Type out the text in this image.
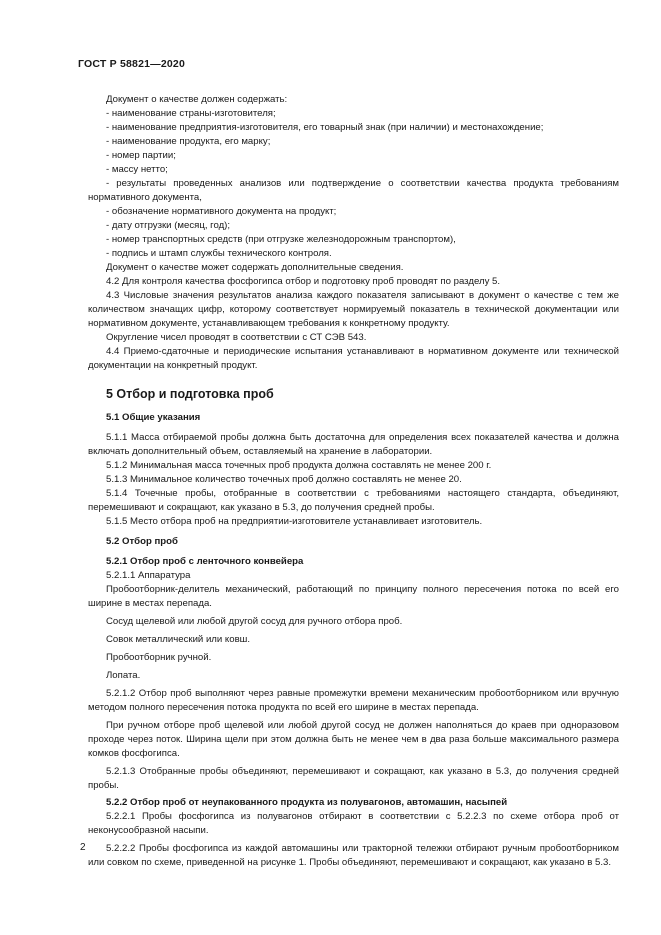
ГОСТ Р 58821—2020

Документ о качестве должен содержать:

- наименование страны-изготовителя;

- наименование предприятия-изготовителя, его товарный знак (при наличии) и местонахождение;

- наименование продукта, его марку;

- номер партии;

- массу нетто;

- результаты проведенных анализов или подтверждение о соответствии качества продукта требованиям нормативного документа,

- обозначение нормативного документа на продукт;

- дату отгрузки (месяц, год);

- номер транспортных средств (при отгрузке железнодорожным транспортом),

- подпись и штамп службы технического контроля.

Документ о качестве может содержать дополнительные сведения.

4.2 Для контроля качества фосфогипса отбор и подготовку проб проводят по разделу 5.

4.3 Числовые значения результатов анализа каждого показателя записывают в документ о качестве с тем же количеством значащих цифр, которому соответствует нормируемый показатель в технической документации или нормативном документе, устанавливающем требования к конкретному продукту.

Округление чисел проводят в соответствии с СТ СЭВ 543.

4.4 Приемо-сдаточные и периодические испытания устанавливают в нормативном документе или технической документации на конкретный продукт.

5 Отбор и подготовка проб
5.1 Общие указания

5.1.1 Масса отбираемой пробы должна быть достаточна для определения всех показателей качества и должна включать дополнительный объем, оставляемый на хранение в лаборатории.

5.1.2 Минимальная масса точечных проб продукта должна составлять не менее 200 г.

5.1.3 Минимальное количество точечных проб должно составлять не менее 20.

5.1.4 Точечные пробы, отобранные в соответствии с требованиями настоящего стандарта, объединяют, перемешивают и сокращают, как указано в 5.3, до получения средней пробы.

5.1.5 Место отбора проб на предприятии-изготовителе устанавливает изготовитель.

5.2 Отбор проб
5.2.1 Отбор проб с ленточного конвейера

5.2.1.1 Аппаратура

Пробоотборник-делитель механический, работающий по принципу полного пересечения потока по всей его ширине в местах перепада.

Сосуд щелевой или любой другой сосуд для ручного отбора проб.

Совок металлический или ковш.

Пробоотборник ручной.

Лопата.

5.2.1.2 Отбор проб выполняют через равные промежутки времени механическим пробоотборником или вручную методом полного пересечения потока продукта по всей его ширине в местах перепада.

При ручном отборе проб щелевой или любой другой сосуд не должен наполняться до краев при одноразовом проходе через поток. Ширина щели при этом должна быть не менее чем в два раза больше максимального размера комков фосфогипса.

5.2.1.3 Отобранные пробы объединяют, перемешивают и сокращают, как указано в 5.3, до получения средней пробы.

5.2.2 Отбор проб от неупакованного продукта из полувагонов, автомашин, насыпей

5.2.2.1 Пробы фосфогипса из полувагонов отбирают в соответствии с 5.2.2.3 по схеме отбора проб от неконусообразной насыпи.

5.2.2.2 Пробы фосфогипса из каждой автомашины или тракторной тележки отбирают ручным пробоотборником или совком по схеме, приведенной на рисунке 1. Пробы объединяют, перемешивают и сокращают, как указано в 5.3.

2
